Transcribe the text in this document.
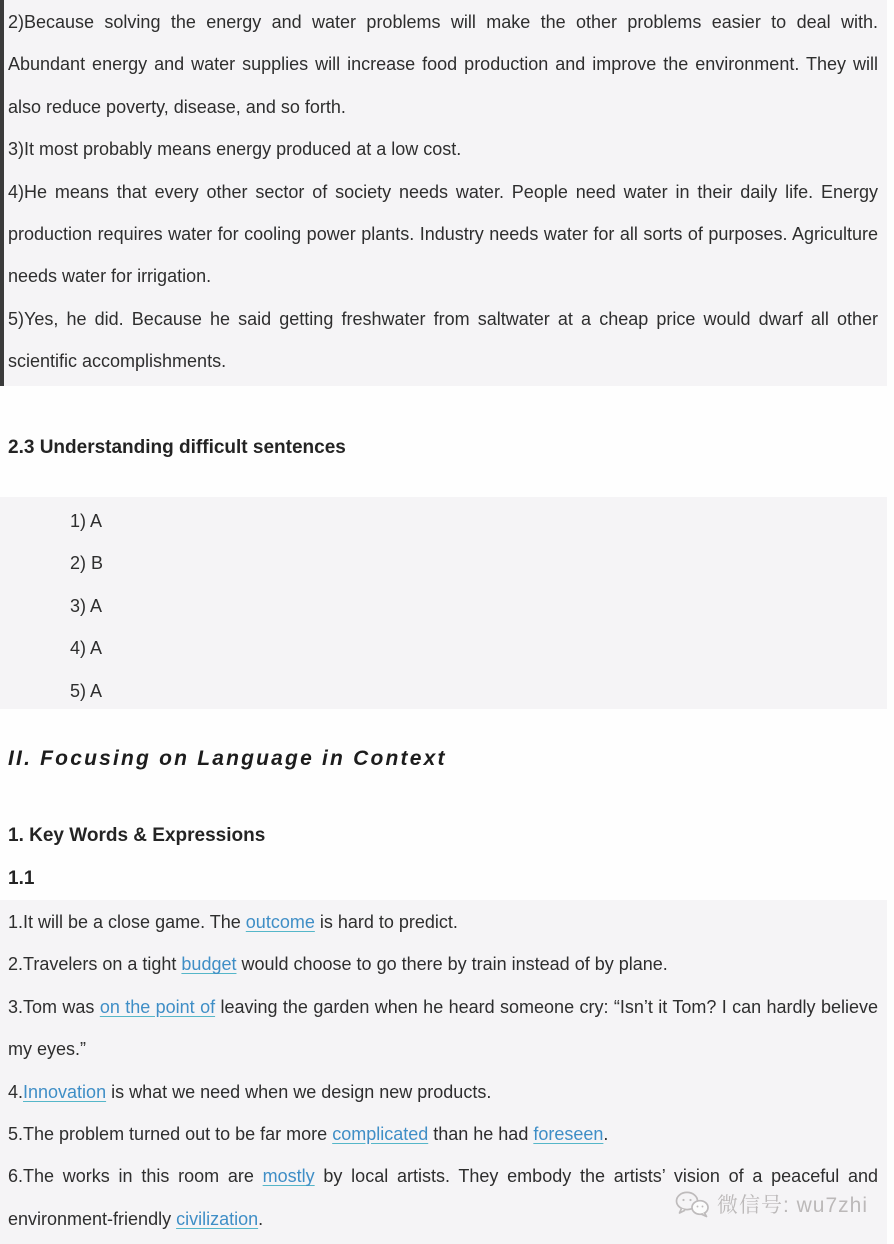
2)Because solving the energy and water problems will make the other problems easier to deal with. Abundant energy and water supplies will increase food production and improve the environment. They will also reduce poverty, disease, and so forth.

3)It most probably means energy produced at a low cost.

4)He means that every other sector of society needs water. People need water in their daily life. Energy production requires water for cooling power plants. Industry needs water for all sorts of purposes. Agriculture needs water for irrigation.

5)Yes, he did. Because he said getting freshwater from saltwater at a cheap price would dwarf all other scientific accomplishments.

2.3 Understanding difficult sentences

1) A

2) B

3) A

4) A

5) A

II. Focusing on Language in Context
1. Key Words & Expressions
1.1

1.It will be a close game. The outcome is hard to predict.

2.Travelers on a tight budget would choose to go there by train instead of by plane.

3.Tom was on the point of leaving the garden when he heard someone cry: “Isn’t it Tom? I can hardly believe my eyes.”

4.Innovation is what we need when we design new products.

5.The problem turned out to be far more complicated than he had foreseen.

6.The works in this room are mostly by local artists. They embody the artists’ vision of a peaceful and environment-friendly civilization.

微信号: wu7zhi
